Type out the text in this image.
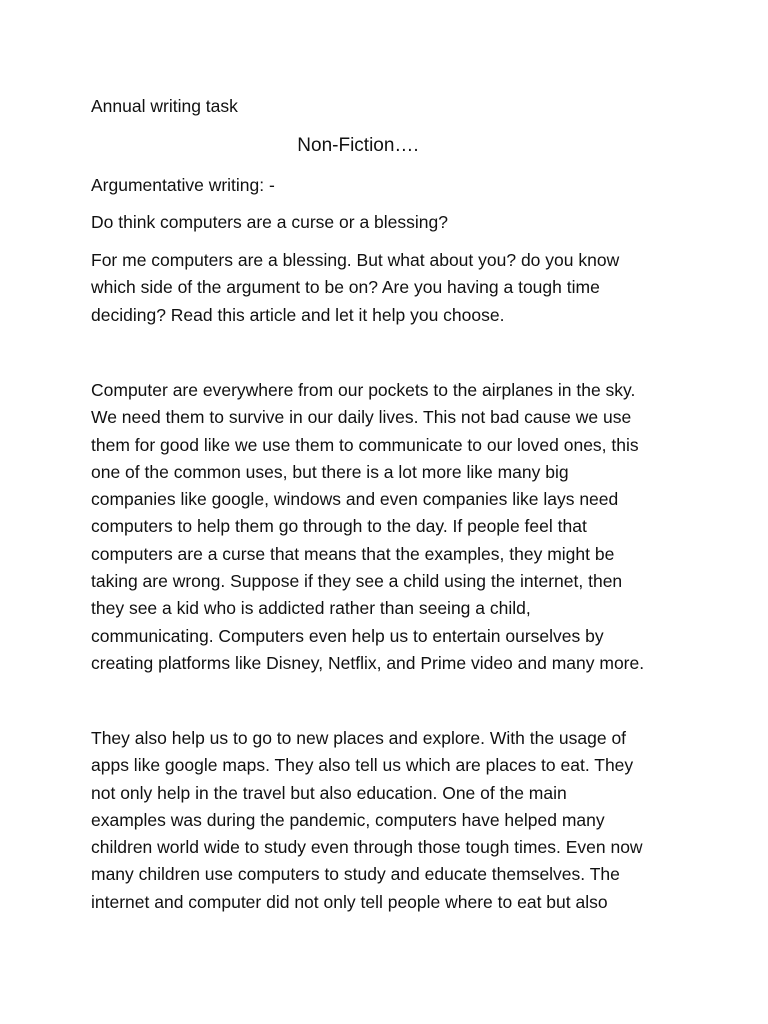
Annual writing task

Non-Fiction….

Argumentative writing: -

Do think computers are a curse or a blessing?

For me computers are a blessing. But what about you? do you know
which side of the argument to be on? Are you having a tough time
deciding? Read this article and let it help you choose.
Computer are everywhere from our pockets to the airplanes in the sky.
We need them to survive in our daily lives. This not bad cause we use
them for good like we use them to communicate to our loved ones, this
one of the common uses, but there is a lot more like many big
companies like google, windows and even companies like lays need
computers to help them go through to the day. If people feel that
computers are a curse that means that the examples, they might be
taking are wrong. Suppose if they see a child using the internet, then
they see a kid who is addicted rather than seeing a child,
communicating. Computers even help us to entertain ourselves by
creating platforms like Disney, Netflix, and Prime video and many more.
They also help us to go to new places and explore. With the usage of
apps like google maps. They also tell us which are places to eat. They
not only help in the travel but also education. One of the main
examples was during the pandemic, computers have helped many
children world wide to study even through those tough times. Even now
many children use computers to study and educate themselves. The
internet and computer did not only tell people where to eat but also
